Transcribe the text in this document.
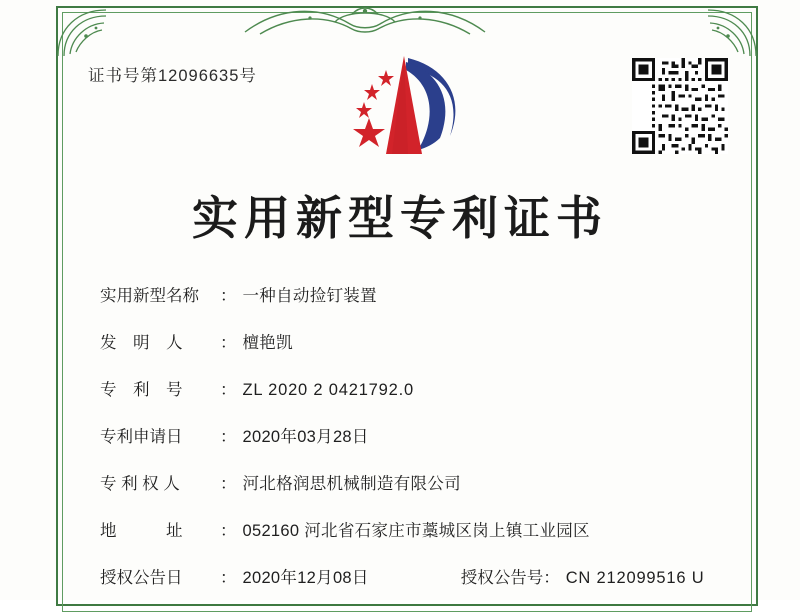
证书号第12096635号
实用新型专利证书
实用新型名称	： 一种自动捡钉装置
发　明　人	： 檀艳凯
专　利　号	： ZL 2020 2 0421792.0
专利申请日	： 2020年03月28日
专 利 权 人	： 河北格润思机械制造有限公司
地　　　址	： 052160 河北省石家庄市藁城区岗上镇工业园区
授权公告日	： 2020年12月08日	授权公告号 ： CN 212099516 U
